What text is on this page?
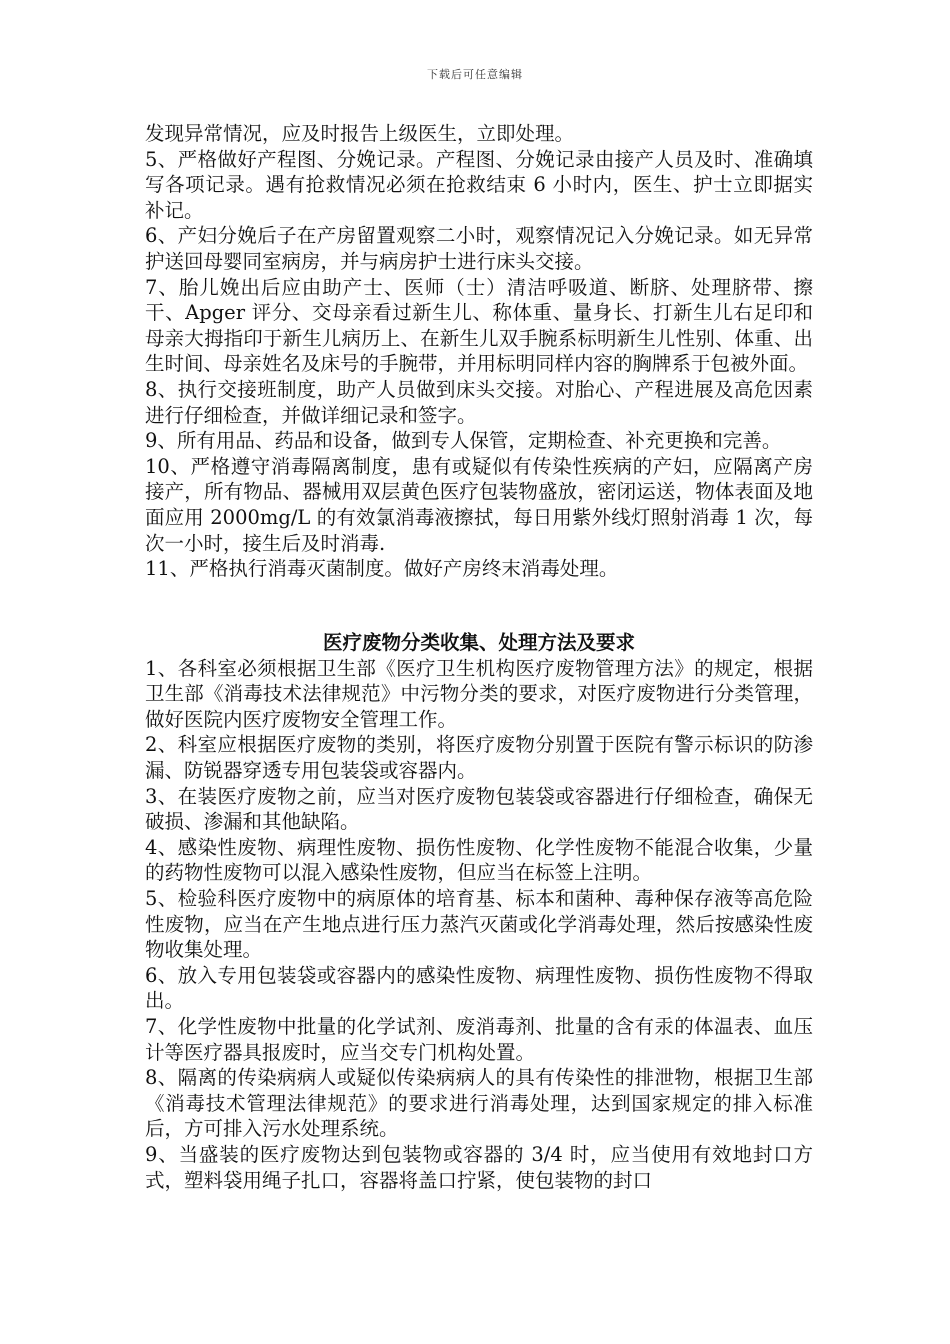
下载后可任意编辑

发现异常情况，应及时报告上级医生，立即处理。

5、严格做好产程图、分娩记录。产程图、分娩记录由接产人员及时、准确填写各项记录。遇有抢救情况必须在抢救结束 6 小时内，医生、护士立即据实补记。

6、产妇分娩后子在产房留置观察二小时，观察情况记入分娩记录。如无异常护送回母婴同室病房，并与病房护士进行床头交接。

7、胎儿娩出后应由助产士、医师（士）清洁呼吸道、断脐、处理脐带、擦干、Apger 评分、交母亲看过新生儿、称体重、量身长、打新生儿右足印和母亲大拇指印于新生儿病历上、在新生儿双手腕系标明新生儿性别、体重、出生时间、母亲姓名及床号的手腕带，并用标明同样内容的胸牌系于包被外面。

8、执行交接班制度，助产人员做到床头交接。对胎心、产程进展及高危因素进行仔细检查，并做详细记录和签字。

9、所有用品、药品和设备，做到专人保管，定期检查、补充更换和完善。

10、严格遵守消毒隔离制度，患有或疑似有传染性疾病的产妇，应隔离产房接产，所有物品、器械用双层黄色医疗包装物盛放，密闭运送，物体表面及地面应用 2000mg/L 的有效氯消毒液擦拭，每日用紫外线灯照射消毒 1 次，每次一小时，接生后及时消毒.

11、严格执行消毒灭菌制度。做好产房终末消毒处理。

医疗废物分类收集、处理方法及要求

1、各科室必须根据卫生部《医疗卫生机构医疗废物管理方法》的规定，根据卫生部《消毒技术法律规范》中污物分类的要求，对医疗废物进行分类管理，做好医院内医疗废物安全管理工作。

2、科室应根据医疗废物的类别，将医疗废物分别置于医院有警示标识的防渗漏、防锐器穿透专用包装袋或容器内。

3、在装医疗废物之前，应当对医疗废物包装袋或容器进行仔细检查，确保无破损、渗漏和其他缺陷。

4、感染性废物、病理性废物、损伤性废物、化学性废物不能混合收集，少量的药物性废物可以混入感染性废物，但应当在标签上注明。

5、检验科医疗废物中的病原体的培育基、标本和菌种、毒种保存液等高危险性废物，应当在产生地点进行压力蒸汽灭菌或化学消毒处理，然后按感染性废物收集处理。

6、放入专用包装袋或容器内的感染性废物、病理性废物、损伤性废物不得取出。

7、化学性废物中批量的化学试剂、废消毒剂、批量的含有汞的体温表、血压计等医疗器具报废时，应当交专门机构处置。

8、隔离的传染病病人或疑似传染病病人的具有传染性的排泄物，根据卫生部《消毒技术管理法律规范》的要求进行消毒处理，达到国家规定的排入标准后，方可排入污水处理系统。

9、当盛装的医疗废物达到包装物或容器的 3/4 时，应当使用有效地封口方式，塑料袋用绳子扎口，容器将盖口拧紧，使包装物的封口
